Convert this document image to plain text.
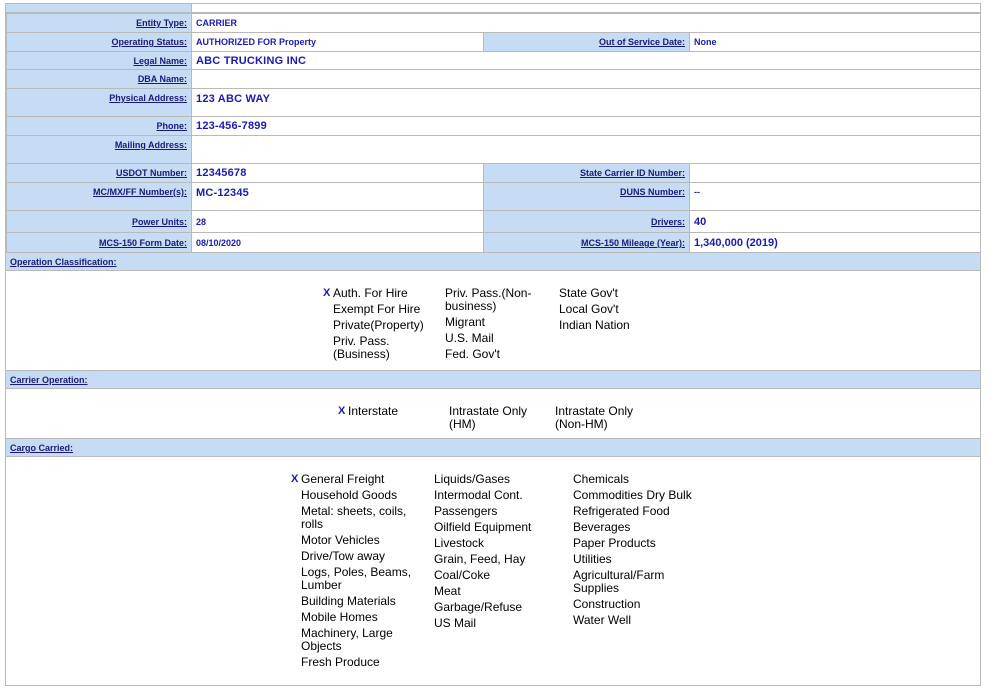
Entity Type:	CARRIER		
Operating Status:	AUTHORIZED FOR Property	Out of Service Date:	None
Legal Name:	ABC TRUCKING INC		
DBA Name:			
Physical Address:	123 ABC WAY		
Phone:	123-456-7899		
Mailing Address:			
USDOT Number:	12345678	State Carrier ID Number:	
MC/MX/FF Number(s):	MC-12345	DUNS Number:	--
Power Units:	28	Drivers:	40
MCS-150 Form Date:	08/10/2020	MCS-150 Mileage (Year):	1,340,000 (2019)
Operation Classification:
X Auth. For Hire
Exempt For Hire
Private(Property)
Priv. Pass. (Business)
Priv. Pass.(Non-business)
Migrant
U.S. Mail
Fed. Gov't
State Gov't
Local Gov't
Indian Nation
Carrier Operation:
X Interstate	Intrastate Only (HM)
Intrastate Only (Non-HM)
Cargo Carried:
X General Freight
Household Goods
Metal: sheets, coils, rolls
Motor Vehicles
Drive/Tow away
Logs, Poles, Beams, Lumber
Building Materials
Mobile Homes
Machinery, Large Objects
Fresh Produce
Liquids/Gases
Intermodal Cont.
Passengers
Oilfield Equipment
Livestock
Grain, Feed, Hay
Coal/Coke
Meat
Garbage/Refuse
US Mail
Chemicals
Commodities Dry Bulk
Refrigerated Food
Beverages
Paper Products
Utilities
Agricultural/Farm Supplies
Construction
Water Well
